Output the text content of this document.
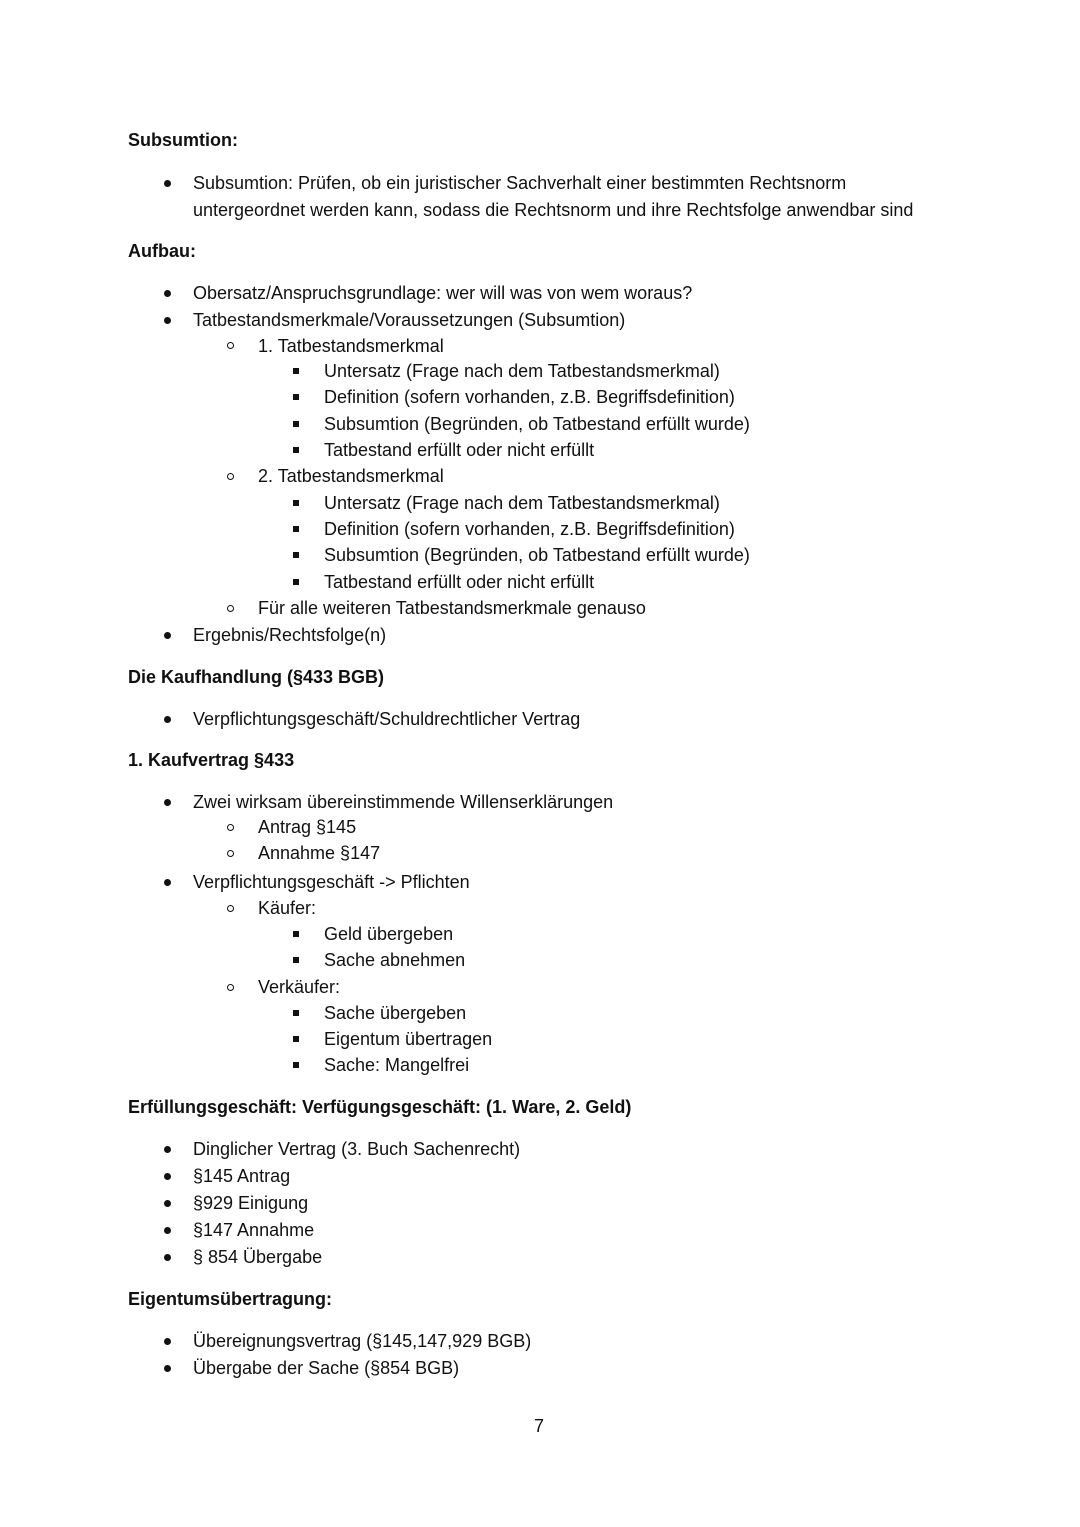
Subsumtion:
Subsumtion: Prüfen, ob ein juristischer Sachverhalt einer bestimmten Rechtsnorm
untergeordnet werden kann, sodass die Rechtsnorm und ihre Rechtsfolge anwendbar sind
Aufbau:
Obersatz/Anspruchsgrundlage: wer will was von wem woraus?
Tatbestandsmerkmale/Voraussetzungen (Subsumtion)
1. Tatbestandsmerkmal
Untersatz (Frage nach dem Tatbestandsmerkmal)
Definition (sofern vorhanden, z.B. Begriffsdefinition)
Subsumtion (Begründen, ob Tatbestand erfüllt wurde)
Tatbestand erfüllt oder nicht erfüllt
2. Tatbestandsmerkmal
Untersatz (Frage nach dem Tatbestandsmerkmal)
Definition (sofern vorhanden, z.B. Begriffsdefinition)
Subsumtion (Begründen, ob Tatbestand erfüllt wurde)
Tatbestand erfüllt oder nicht erfüllt
Für alle weiteren Tatbestandsmerkmale genauso
Ergebnis/Rechtsfolge(n)
Die Kaufhandlung (§433 BGB)
Verpflichtungsgeschäft/Schuldrechtlicher Vertrag
1. Kaufvertrag §433
Zwei wirksam übereinstimmende Willenserklärungen
Antrag §145
Annahme §147
Verpflichtungsgeschäft -> Pflichten
Käufer:
Geld übergeben
Sache abnehmen
Verkäufer:
Sache übergeben
Eigentum übertragen
Sache: Mangelfrei
Erfüllungsgeschäft: Verfügungsgeschäft: (1. Ware, 2. Geld)
Dinglicher Vertrag (3. Buch Sachenrecht)
§145 Antrag
§929 Einigung
§147 Annahme
§ 854 Übergabe
Eigentumsübertragung:
Übereignungsvertrag (§145,147,929 BGB)
Übergabe der Sache (§854 BGB)
7
